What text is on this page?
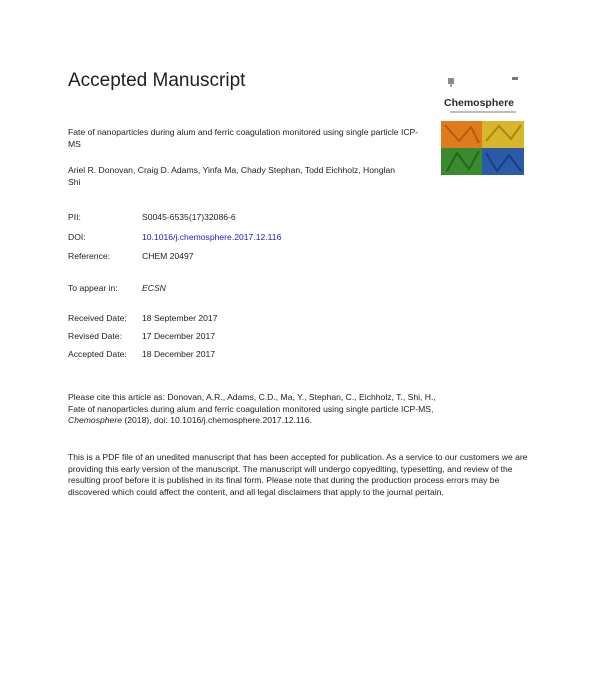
Accepted Manuscript
Chemosphere
Fate of nanoparticles during alum and ferric coagulation monitored using single particle ICP-MS
Ariel R. Donovan, Craig D. Adams, Yinfa Ma, Chady Stephan, Todd Eichholz, Honglan Shi
PII:	S0045-6535(17)32086-6
DOI:	10.1016/j.chemosphere.2017.12.116
Reference:	CHEM 20497
To appear in:	ECSN
Received Date: 18 September 2017
Revised Date: 17 December 2017
Accepted Date: 18 December 2017
Please cite this article as: Donovan, A.R., Adams, C.D., Ma, Y., Stephan, C., Eichholz, T., Shi, H.,
Fate of nanoparticles during alum and ferric coagulation monitored using single particle ICP-MS,
Chemosphere (2018), doi: 10.1016/j.chemosphere.2017.12.116.
This is a PDF file of an unedited manuscript that has been accepted for publication. As a service to our customers we are providing this early version of the manuscript. The manuscript will undergo copyediting, typesetting, and review of the resulting proof before it is published in its final form. Please note that during the production process errors may be discovered which could affect the content, and all legal disclaimers that apply to the journal pertain.
